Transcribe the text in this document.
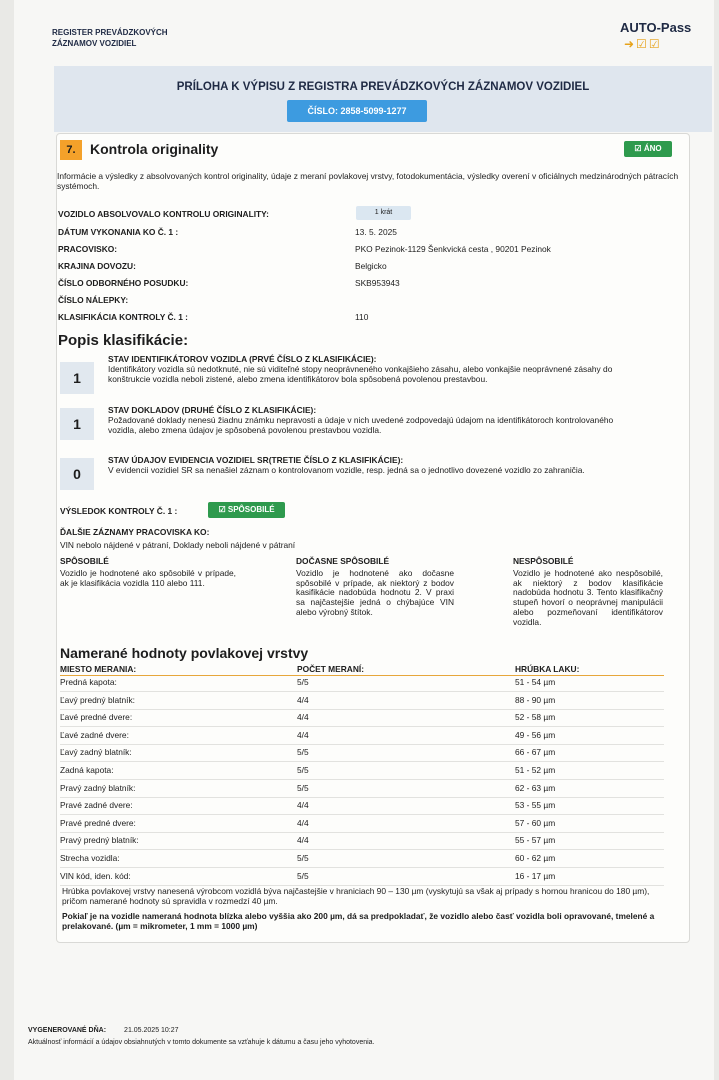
REGISTER PREVÁDZKOVÝCH
ZÁZNAMOV VOZIDIEL
AUTO-Pass
➜☑☑
PRÍLOHA K VÝPISU Z REGISTRA PREVÁDZKOVÝCH ZÁZNAMOV VOZIDIEL
ČÍSLO: 2858-5099-1277
7.	Kontrola originality	☑ ÁNO
Informácie a výsledky z absolvovaných kontrol originality, údaje z meraní povlakovej vrstvy, fotodokumentácia, výsledky overení v oficiálnych medzinárodných pátracích systémoch.
VOZIDLO ABSOLVOVALO KONTROLU ORIGINALITY:	1 krát
DÁTUM VYKONANIA KO Č. 1 :	13. 5. 2025
PRACOVISKO:	PKO Pezinok-1129 Šenkvická cesta , 90201 Pezinok
KRAJINA DOVOZU:	Belgicko
ČÍSLO ODBORNÉHO POSUDKU:	SKB953943
ČÍSLO NÁLEPKY:
KLASIFIKÁCIA KONTROLY Č. 1 :	110
Popis klasifikácie:
1
STAV IDENTIFIKÁTOROV VOZIDLA (PRVÉ ČÍSLO Z KLASIFIKÁCIE):
Identifikátory vozidla sú nedotknuté, nie sú viditeľné stopy neoprávneného vonkajšieho zásahu, alebo vonkajšie neoprávnené zásahy do konštrukcie vozidla neboli zistené, alebo zmena identifikátorov bola spôsobená povolenou prestavbou.
1
STAV DOKLADOV (DRUHÉ ČÍSLO Z KLASIFIKÁCIE):
Požadované doklady nenesú žiadnu známku nepravosti a údaje v nich uvedené zodpovedajú údajom na identifikátoroch kontrolovaného vozidla, alebo zmena údajov je spôsobená povolenou prestavbou vozidla.
0
STAV ÚDAJOV EVIDENCIA VOZIDIEL SR(TRETIE ČÍSLO Z KLASIFIKÁCIE):
V evidencii vozidiel SR sa nenašiel záznam o kontrolovanom vozidle, resp. jedná sa o jednotlivo dovezené vozidlo zo zahraničia.
VÝSLEDOK KONTROLY Č. 1 :	☑ SPÔSOBILÉ
ĎALŠIE ZÁZNAMY PRACOVISKA KO:
VIN nebolo nájdené v pátraní, Doklady neboli nájdené v pátraní
SPÔSOBILÉ
Vozidlo je hodnotené ako spôsobilé v prípade, ak je klasifikácia vozidla 110 alebo 111.
DOČASNE SPÔSOBILÉ
Vozidlo je hodnotené ako dočasne spôsobilé v prípade, ak niektorý z bodov kasifikácie nadobúda hodnotu 2. V praxi sa najčastejšie jedná o chýbajúce VIN alebo výrobný štítok.
NESPÔSOBILÉ
Vozidlo je hodnotené ako nespôsobilé, ak niektorý z bodov klasifikácie nadobúda hodnotu 3. Tento klasifikačný stupeň hovorí o neoprávnej manipulácii alebo pozmeňovaní identifikátorov vozidla.
Namerané hodnoty povlakovej vrstvy
MIESTO MERANIA:	POČET MERANÍ:	HRÚBKA LAKU:
Predná kapota:	5/5	51 - 54 µm
Ľavý predný blatník:	4/4	88 - 90 µm
Ľavé predné dvere:	4/4	52 - 58 µm
Ľavé zadné dvere:	4/4	49 - 56 µm
Ľavý zadný blatník:	5/5	66 - 67 µm
Zadná kapota:	5/5	51 - 52 µm
Pravý zadný blatník:	5/5	62 - 63 µm
Pravé zadné dvere:	4/4	53 - 55 µm
Pravé predné dvere:	4/4	57 - 60 µm
Pravý predný blatník:	4/4	55 - 57 µm
Strecha vozidla:	5/5	60 - 62 µm
VIN kód, iden. kód:	5/5	16 - 17 µm
Hrúbka povlakovej vrstvy nanesená výrobcom vozidlá býva najčastejšie v hraniciach 90 – 130 µm (vyskytujú sa však aj prípady s hornou hranicou do 180 µm), pričom namerané hodnoty sú spravidla v rozmedzí 40 µm.
Pokiaľ je na vozidle nameraná hodnota blízka alebo vyššia ako 200 µm, dá sa predpokladať, že vozidlo alebo časť vozidla boli opravované, tmelené a prelakované. (µm = mikrometer, 1 mm = 1000 µm)
VYGENEROVANÉ DŇA:	21.05.2025 10:27
Aktuálnosť informácií a údajov obsiahnutých v tomto dokumente sa vzťahuje k dátumu a času jeho vyhotovenia.
